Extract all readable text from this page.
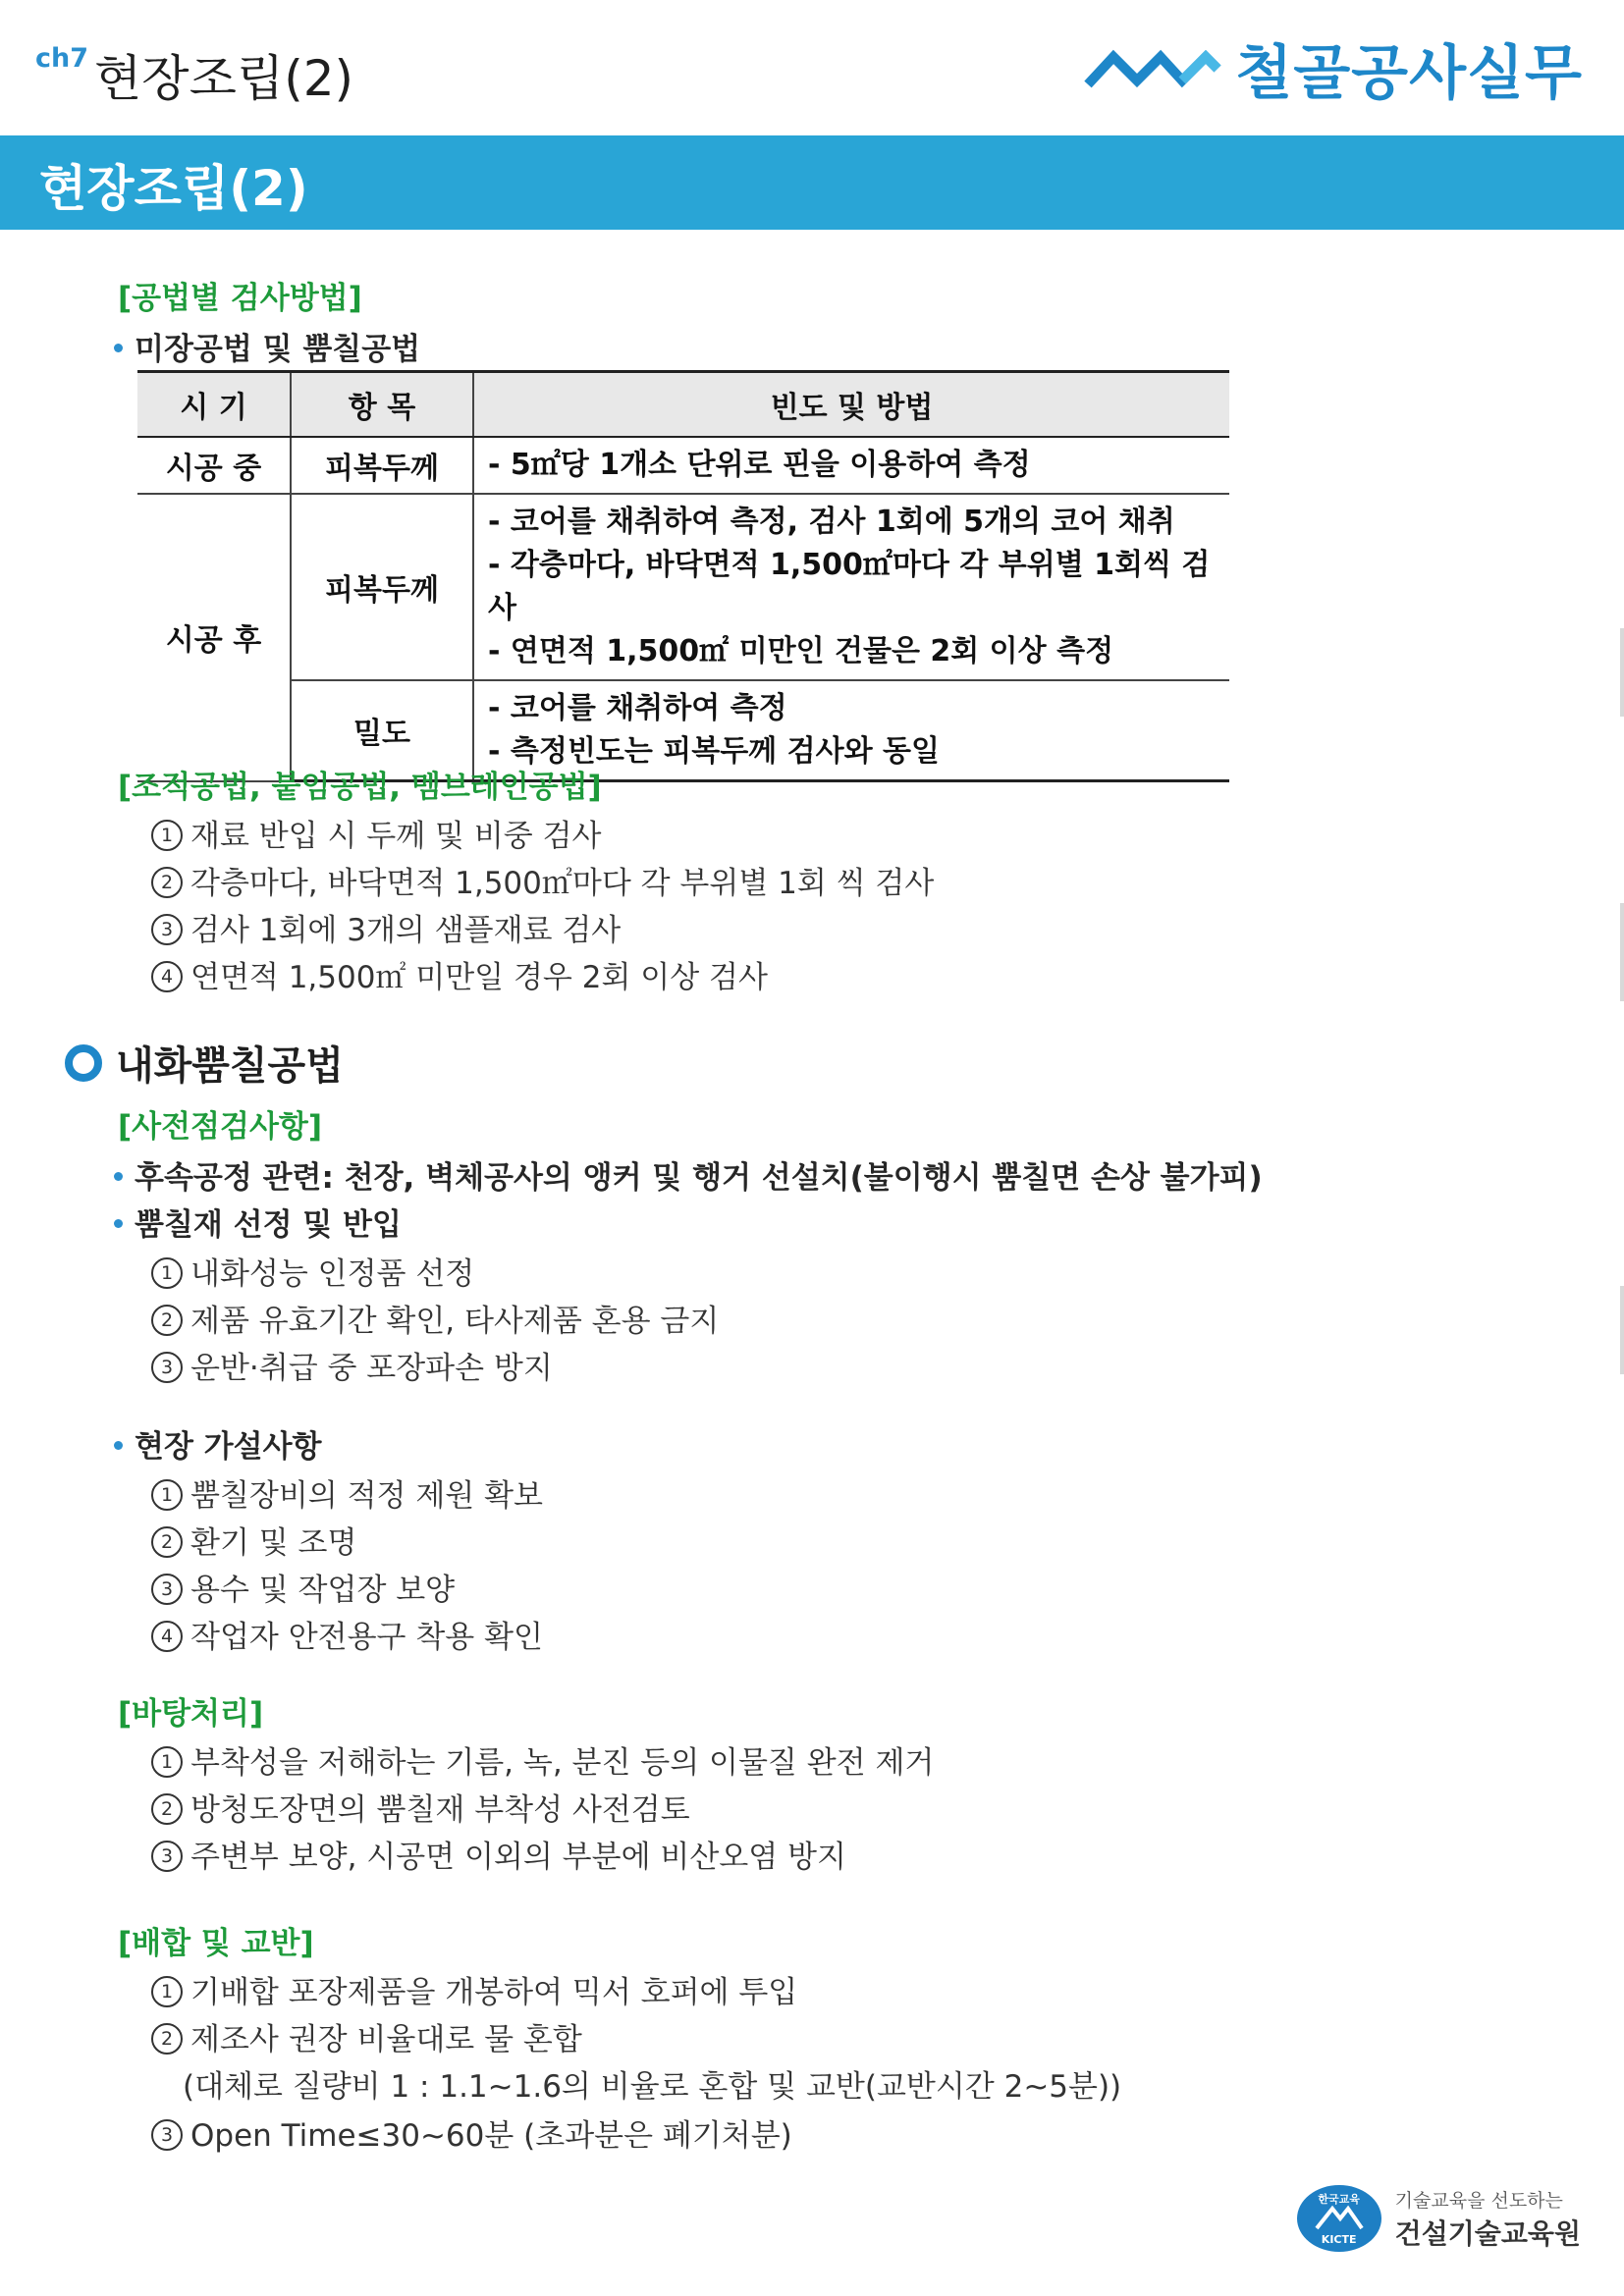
ch7 현장조립(2)	철골공사실무
현장조립(2)
[공법별 검사방법]
미장공법 및 뿜칠공법
시 기	항 목	빈도 및 방법
시공 중	피복두께	- 5㎡당 1개소 단위로 핀을 이용하여 측정

시공 후	피복두께	- 코어를 채취하여 측정, 검사 1회에 5개의 코어 채취
- 각층마다, 바닥면적 1,500㎡마다 각 부위별 1회씩 검사
- 연면적 1,500㎡ 미만인 건물은 2회 이상 측정

	밀도	- 코어를 채취하여 측정
- 측정빈도는 피복두께 검사와 동일
[조적공법, 붙임공법, 멤브레인공법]
1 재료 반입 시 두께 및 비중 검사
2 각층마다, 바닥면적 1,500㎡마다 각 부위별 1회 씩 검사
3 검사 1회에 3개의 샘플재료 검사
4 연면적 1,500㎡ 미만일 경우 2회 이상 검사
내화뿜칠공법
[사전점검사항]
후속공정 관련: 천장, 벽체공사의 앵커 및 행거 선설치(불이행시 뿜칠면 손상 불가피)
뿜칠재 선정 및 반입
1 내화성능 인정품 선정
2 제품 유효기간 확인, 타사제품 혼용 금지
3 운반·취급 중 포장파손 방지
현장 가설사항
1 뿜칠장비의 적정 제원 확보
2 환기 및 조명
3 용수 및 작업장 보양
4 작업자 안전용구 착용 확인
[바탕처리]
1 부착성을 저해하는 기름, 녹, 분진 등의 이물질 완전 제거
2 방청도장면의 뿜칠재 부착성 사전검토
3 주변부 보양, 시공면 이외의 부분에 비산오염 방지
[배합 및 교반]
1 기배합 포장제품을 개봉하여 믹서 호퍼에 투입
2 제조사 권장 비율대로 물 혼합
(대체로 질량비 1 : 1.1~1.6의 비율로 혼합 및 교반(교반시간 2~5분))
3 Open Time≤30~60분 (초과분은 폐기처분)
한국교육
KICTE
기술교육을 선도하는
건설기술교육원
